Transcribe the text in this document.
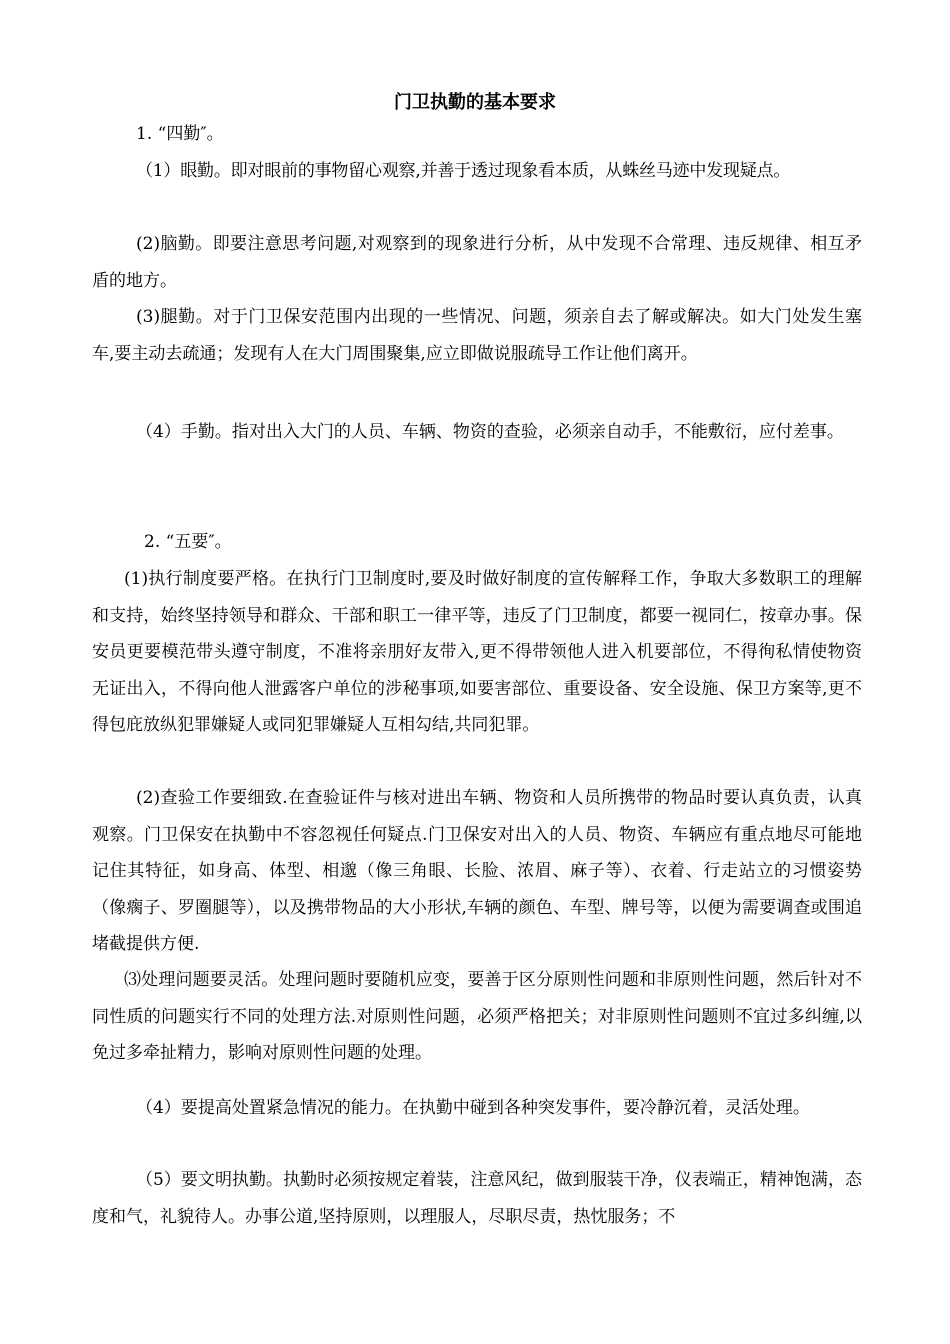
门卫执勤的基本要求

1. “四勤″。

（1）眼勤。即对眼前的事物留心观察,并善于透过现象看本质，从蛛丝马迹中发现疑点。

(2)脑勤。即要注意思考问题,对观察到的现象进行分析，从中发现不合常理、违反规律、相互矛盾的地方。

(3)腿勤。对于门卫保安范围内出现的一些情况、问题，须亲自去了解或解决。如大门处发生塞车,要主动去疏通；发现有人在大门周围聚集,应立即做说服疏导工作让他们离开。

（4）手勤。指对出入大门的人员、车辆、物资的查验，必须亲自动手，不能敷衍，应付差事。

2. “五要″。

(1)执行制度要严格。在执行门卫制度时,要及时做好制度的宣传解释工作，争取大多数职工的理解和支持，始终坚持领导和群众、干部和职工一律平等，违反了门卫制度，都要一视同仁，按章办事。保安员更要模范带头遵守制度，不准将亲朋好友带入,更不得带领他人进入机要部位，不得徇私情使物资无证出入，不得向他人泄露客户单位的涉秘事项,如要害部位、重要设备、安全设施、保卫方案等,更不得包庇放纵犯罪嫌疑人或同犯罪嫌疑人互相勾结,共同犯罪。

(2)查验工作要细致.在查验证件与核对进出车辆、物资和人员所携带的物品时要认真负责，认真观察。门卫保安在执勤中不容忽视任何疑点.门卫保安对出入的人员、物资、车辆应有重点地尽可能地记住其特征，如身高、体型、相邈（像三角眼、长脸、浓眉、麻子等）、衣着、行走站立的习惯姿势（像瘸子、罗圈腿等），以及携带物品的大小形状,车辆的颜色、车型、牌号等，以便为需要调查或围追堵截提供方便.

⑶处理问题要灵活。处理问题时要随机应变，要善于区分原则性问题和非原则性问题，然后针对不同性质的问题实行不同的处理方法.对原则性问题，必须严格把关；对非原则性问题则不宜过多纠缠,以免过多牵扯精力，影响对原则性问题的处理。

（4）要提高处置紧急情况的能力。在执勤中碰到各种突发事件，要冷静沉着，灵活处理。

（5）要文明执勤。执勤时必须按规定着装，注意风纪，做到服装干净，仪表端正，精神饱满，态度和气，礼貌待人。办事公道,坚持原则，以理服人，尽职尽责，热忱服务；不
